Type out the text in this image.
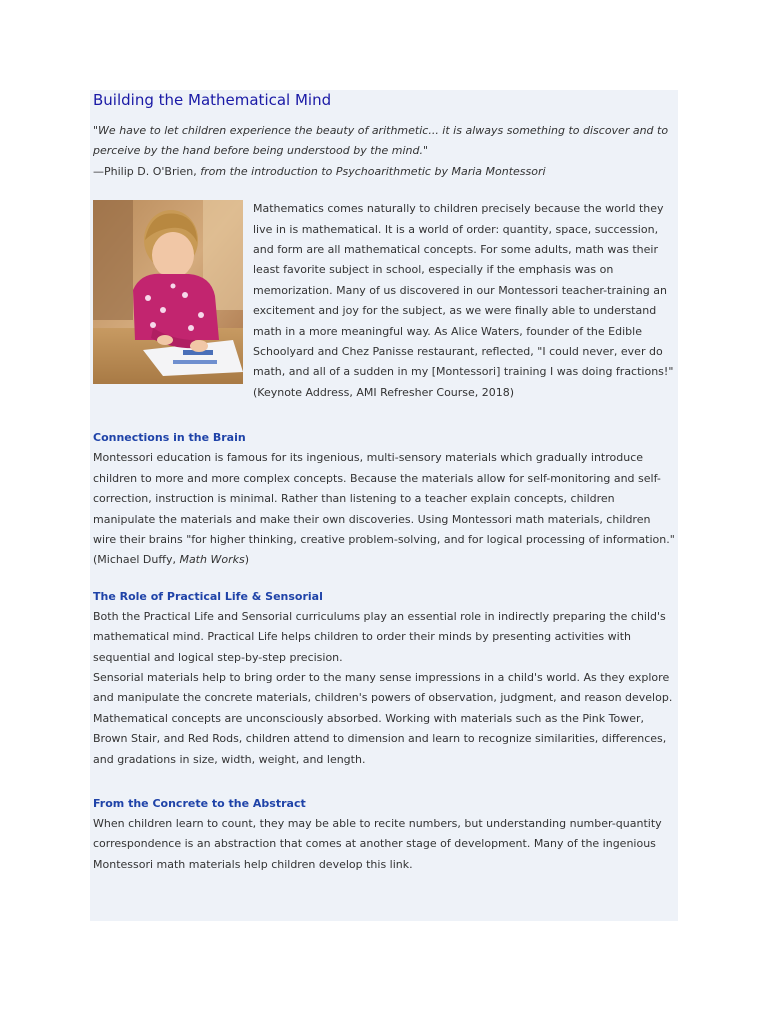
Building the Mathematical Mind

"We have to let children experience the beauty of arithmetic... it is always something to discover and to perceive by the hand before being understood by the mind."

—Philip D. O'Brien, from the introduction to Psychoarithmetic by Maria Montessori

Mathematics comes naturally to children precisely because the world they live in is mathematical. It is a world of order: quantity, space, succession, and form are all mathematical concepts. For some adults, math was their least favorite subject in school, especially if the emphasis was on memorization. Many of us discovered in our Montessori teacher-training an excitement and joy for the subject, as we were finally able to understand math in a more meaningful way. As Alice Waters, founder of the Edible Schoolyard and Chez Panisse restaurant, reflected, "I could never, ever do math, and all of a sudden in my [Montessori] training I was doing fractions!" (Keynote Address, AMI Refresher Course, 2018)

Connections in the Brain

Montessori education is famous for its ingenious, multi-sensory materials which gradually introduce children to more and more complex concepts. Because the materials allow for self-monitoring and self-correction, instruction is minimal. Rather than listening to a teacher explain concepts, children manipulate the materials and make their own discoveries. Using Montessori math materials, children wire their brains "for higher thinking, creative problem-solving, and for logical processing of information." (Michael Duffy, Math Works)

The Role of Practical Life & Sensorial

Both the Practical Life and Sensorial curriculums play an essential role in indirectly preparing the child's mathematical mind. Practical Life helps children to order their minds by presenting activities with sequential and logical step-by-step precision.

Sensorial materials help to bring order to the many sense impressions in a child's world. As they explore and manipulate the concrete materials, children's powers of observation, judgment, and reason develop. Mathematical concepts are unconsciously absorbed. Working with materials such as the Pink Tower, Brown Stair, and Red Rods, children attend to dimension and learn to recognize similarities, differences, and gradations in size, width, weight, and length.

From the Concrete to the Abstract

When children learn to count, they may be able to recite numbers, but understanding number-quantity correspondence is an abstraction that comes at another stage of development. Many of the ingenious Montessori math materials help children develop this link.
